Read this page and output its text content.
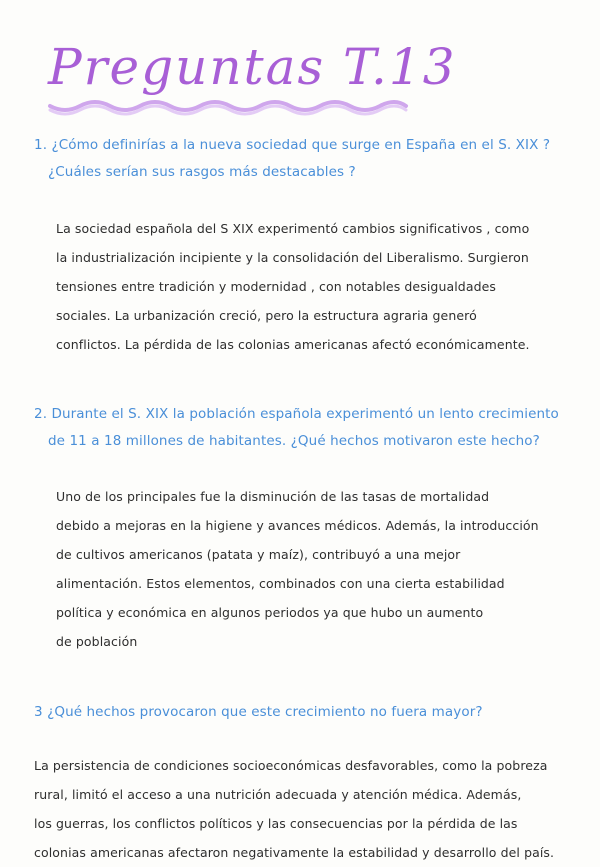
Preguntas T.13
1. ¿Cómo definirías a la nueva sociedad que surge en España en el S. XIX ?
¿Cuáles serían sus rasgos más destacables ?
La sociedad española del S XIX experimentó cambios significativos , como
la industrialización incipiente y la consolidación del Liberalismo. Surgieron
tensiones entre tradición y modernidad , con notables desigualdades
sociales. La urbanización creció, pero la estructura agraria generó
conflictos. La pérdida de las colonias americanas afectó económicamente.
2. Durante el S. XIX la población española experimentó un lento crecimiento
de 11 a 18 millones de habitantes. ¿Qué hechos motivaron este hecho?
Uno de los principales fue la disminución de las tasas de mortalidad
debido a mejoras en la higiene y avances médicos. Además, la introducción
de cultivos americanos (patata y maíz), contribuyó a una mejor
alimentación. Estos elementos, combinados con una cierta estabilidad
política y económica en algunos periodos ya que hubo un aumento
de población
3 ¿Qué hechos provocaron que este crecimiento no fuera mayor?
La persistencia de condiciones socioeconómicas desfavorables, como la pobreza
rural, limitó el acceso a una nutrición adecuada y atención médica. Además,
los guerras, los conflictos políticos y las consecuencias por la pérdida de las
colonias americanas afectaron negativamente la estabilidad y desarrollo del país.
